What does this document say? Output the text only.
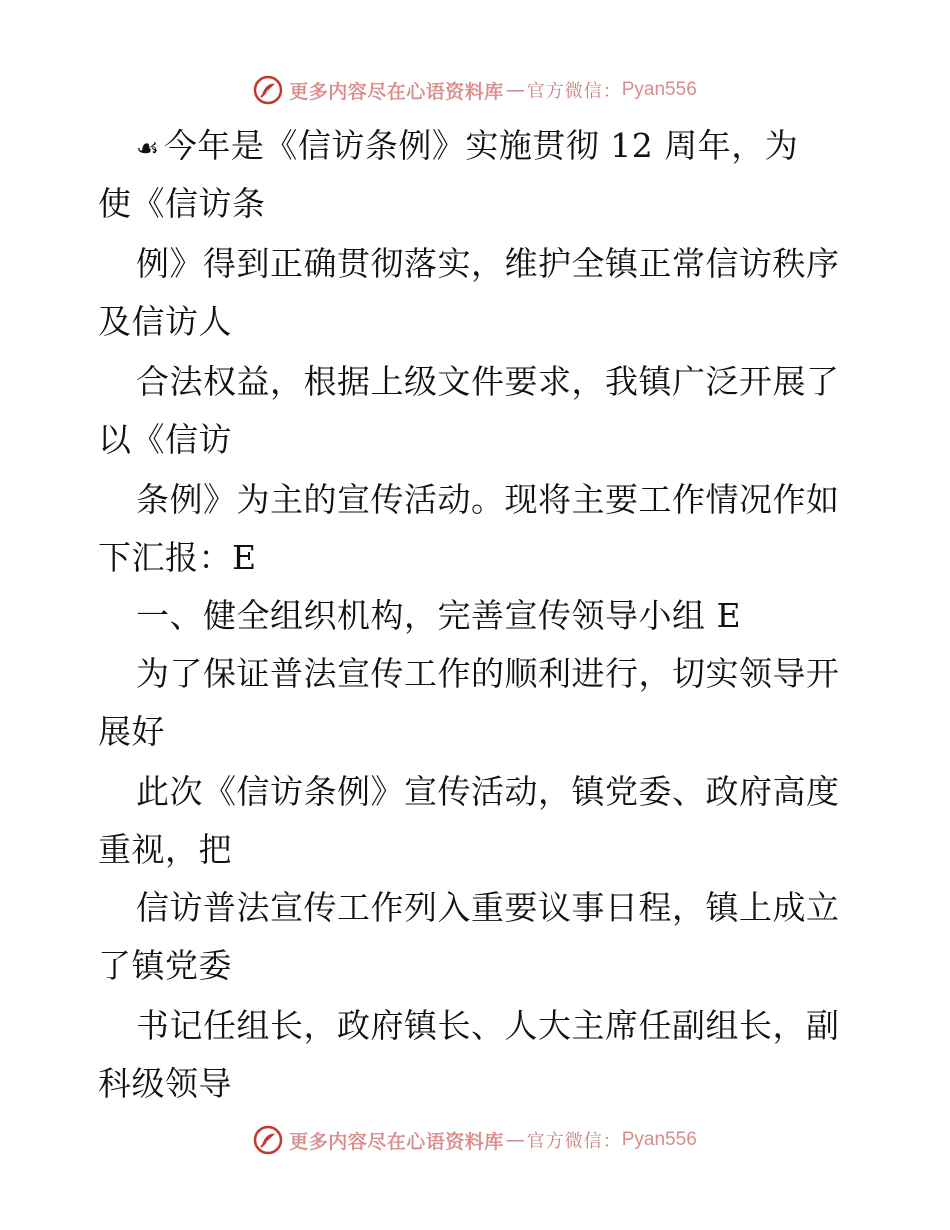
更多内容尽在心语资料库 — 官方微信： Pyan556
☙ 今年是《信访条例》实施贯彻 12 周年，为
使《信访条
例》得到正确贯彻落实，维护全镇正常信访秩序
及信访人
合法权益，根据上级文件要求，我镇广泛开展了
以《信访
条例》为主的宣传活动。现将主要工作情况作如
下汇报：E
一、健全组织机构，完善宣传领导小组 E
为了保证普法宣传工作的顺利进行，切实领导开
展好
此次《信访条例》宣传活动，镇党委、政府高度
重视，把
信访普法宣传工作列入重要议事日程，镇上成立
了镇党委
书记任组长，政府镇长、人大主席任副组长，副
科级领导
更多内容尽在心语资料库 — 官方微信： Pyan556
